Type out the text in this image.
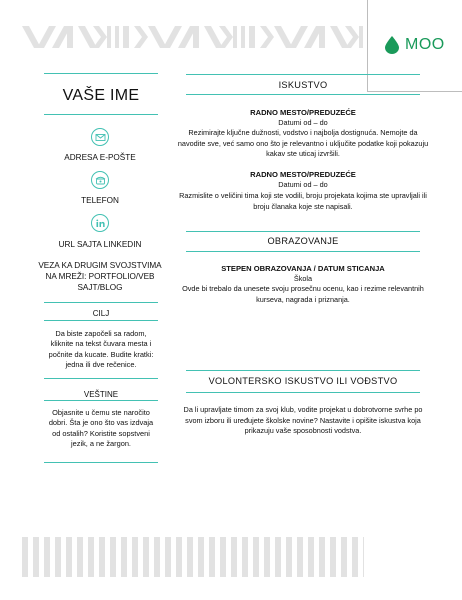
MOO
VAŠE IME
ADRESA E-POŠTE
TELEFON
URL SAJTA LINKEDIN
VEZA KA DRUGIM SVOJSTVIMA NA MREŽI: PORTFOLIO/VEB SAJT/BLOG
CILJ
Da biste započeli sa radom, kliknite na tekst čuvara mesta i počnite da kucate. Budite kratki: jedna ili dve rečenice.
VEŠTINE
Objasnite u čemu ste naročito dobri. Šta je ono što vas izdvaja od ostalih? Koristite sopstveni jezik, a ne žargon.
ISKUSTVO
RADNO MESTO/PREDUZEĆE
Datumi od – do
Rezimirajte ključne dužnosti, vodstvo i najbolja dostignuća. Nemojte da navodite sve, već samo ono što je relevantno i uključite podatke koji pokazuju kakav ste uticaj izvršili.
RADNO MESTO/PREDUZEĆE
Datumi od – do
Razmislite o veličini tima koji ste vodili, broju projekata kojima ste upravljali ili broju članaka koje ste napisali.
OBRAZOVANJE
STEPEN OBRAZOVANJA / DATUM STICANJA
Škola
Ovde bi trebalo da unesete svoju prosečnu ocenu, kao i rezime relevantnih kurseva, nagrada i priznanja.
VOLONTERSKO ISKUSTVO ILI VOĐSTVO
Da li upravljate timom za svoj klub, vodite projekat u dobrotvorne svrhe po svom izboru ili uređujete školske novine? Nastavite i opišite iskustva koja prikazuju vaše sposobnosti vodstva.
